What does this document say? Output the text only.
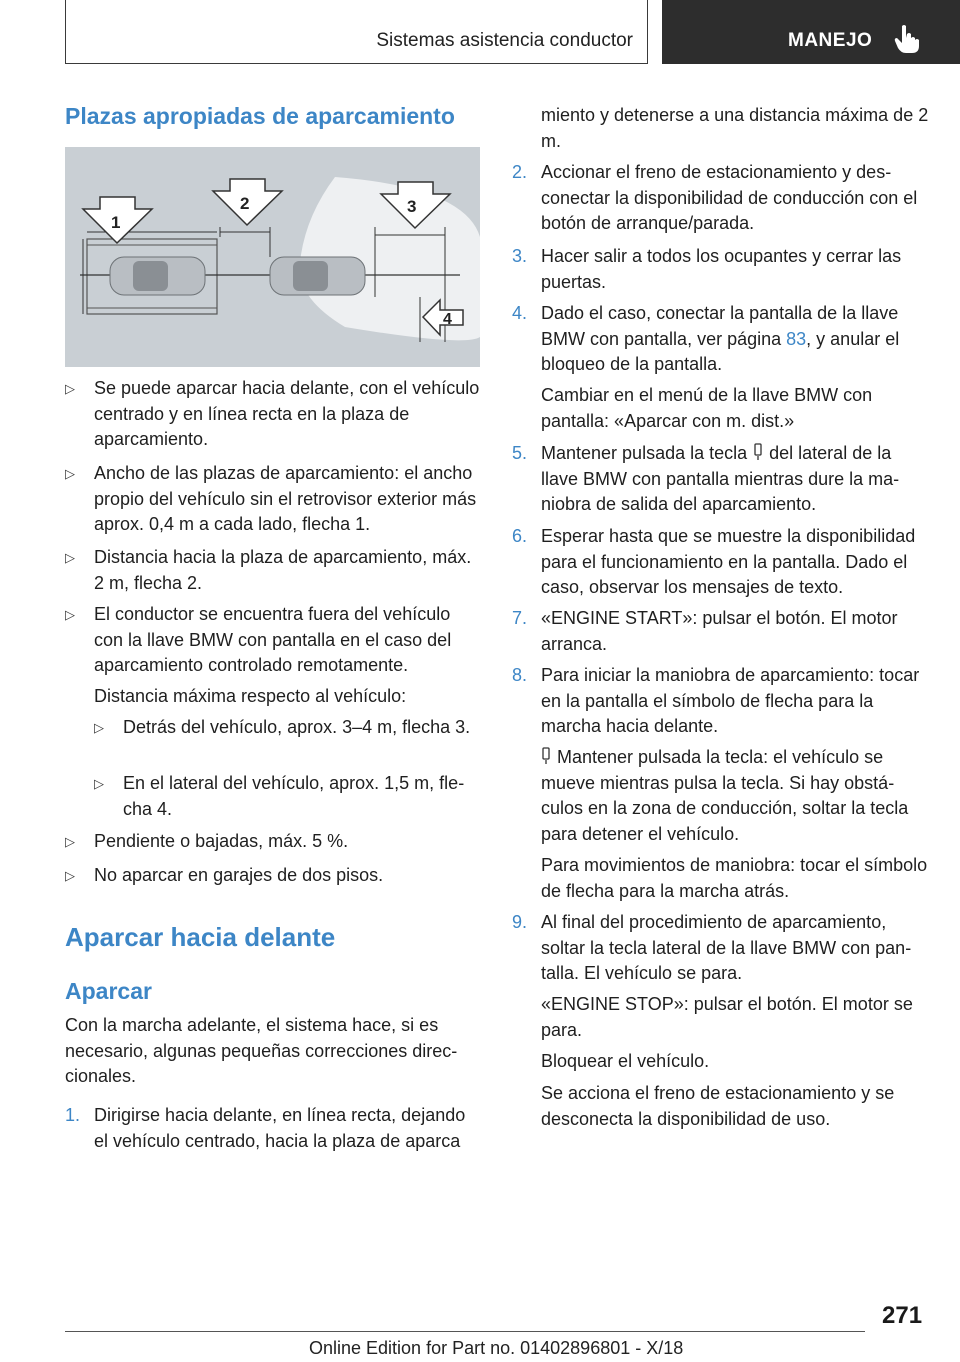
Sistemas asistencia conductor	MANEJO
Plazas apropiadas de aparcamiento
1
2	3
4
▷ Se puede aparcar hacia delante, con el vehículo centrado y en línea recta en la plaza de aparcamiento.
▷ Ancho de las plazas de aparcamiento: el ancho propio del vehículo sin el retrovisor exterior más aprox. 0,4 m a cada lado, flecha 1.
▷ Distancia hacia la plaza de aparcamiento, máx. 2 m, flecha 2.
▷ El conductor se encuentra fuera del vehículo con la llave BMW con pantalla en el caso del aparcamiento controlado remotamente.

Distancia máxima respecto al vehículo:

▷ Detrás del vehículo, aprox. 3–4 m, flecha 3.
▷ En el lateral del vehículo, aprox. 1,5 m, flecha 4.
▷ Pendiente o bajadas, máx. 5 %.
▷ No aparcar en garajes de dos pisos.
Aparcar hacia delante
Aparcar

Con la marcha adelante, el sistema hace, si es necesario, algunas pequeñas correcciones direccionales.

1. Dirigirse hacia delante, en línea recta, dejando el vehículo centrado, hacia la plaza de aparca

miento y detenerse a una distancia máxima de 2 m.

2. Accionar el freno de estacionamiento y desconectar la disponibilidad de conducción con el botón de arranque/parada.
3. Hacer salir a todos los ocupantes y cerrar las puertas.
4. Dado el caso, conectar la pantalla de la llave BMW con pantalla, ver página 83, y anular el bloqueo de la pantalla.

Cambiar en el menú de la llave BMW con pantalla: «Aparcar con m. dist.»

5. Mantener pulsada la tecla del lateral de la llave BMW con pantalla mientras dure la maniobra de salida del aparcamiento.
6. Esperar hasta que se muestre la disponibilidad para el funcionamiento en la pantalla. Dado el caso, observar los mensajes de texto.
7. «ENGINE START»: pulsar el botón. El motor arranca.
8. Para iniciar la maniobra de aparcamiento: tocar en la pantalla el símbolo de flecha para la marcha hacia delante.
Mantener pulsada la tecla: el vehículo se mueve mientras pulsa la tecla. Si hay obstáculos en la zona de conducción, soltar la tecla para detener el vehículo.

Para movimientos de maniobra: tocar el símbolo de flecha para la marcha atrás.

9. Al final del procedimiento de aparcamiento, soltar la tecla lateral de la llave BMW con pantalla. El vehículo se para.

«ENGINE STOP»: pulsar el botón. El motor se para.

Bloquear el vehículo.

Se acciona el freno de estacionamiento y se desconecta la disponibilidad de uso.

271
Online Edition for Part no. 01402896801 - X/18
